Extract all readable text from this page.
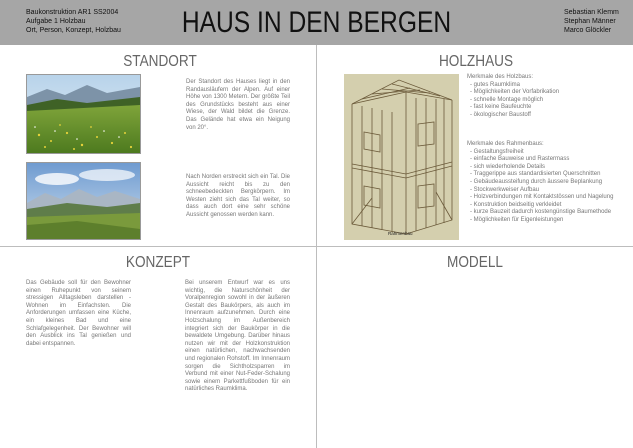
Baukonstruktion AR1 SS2004
Aufgabe 1 Holzbau
Ort, Person, Konzept, Holzbau	HAUS IN DEN BERGEN	Sebastian Klemm
Stephan Männer
Marco Glöckler
STANDORT
Der Standort des Hauses liegt in den Randausläufern der Alpen. Auf einer Höhe von 1300 Metern. Der größte Teil des Grundstücks besteht aus einer Wiese, der Wald bildet die Grenze. Das Gelände hat etwa ein Neigung von 20°.
Nach Norden erstreckt sich ein Tal. Die Aussicht reicht bis zu den schneebedeckten Bergkörpern. Im Westen zieht sich das Tal weiter, so dass auch dort eine sehr schöne Aussicht genossen werden kann.
HOLZHAUS
Rahmenbau
Merkmale des Holzbaus:
- gutes Raumklima
- Möglichkeiten der Vorfabrikation
- schnelle Montage möglich
- fast keine Baufeuchte
- ökologischer Baustoff
Merkmale des Rahmenbaus:
- Gestaltungsfreiheit
- einfache Bauweise und Rastermass
- sich wiederholende Details
- Traggerippe aus standardisierten Querschnitten
- Gebäudeaussteifung durch äussere Beplankung
- Stockwerkweiser Aufbau
- Holzverbindungen mit Kontaktstössen und Nagelung
- Konstruktion beidseitig verkleidet
- kurze Bauzeit dadurch kostengünstige Baumethode
- Möglichkeiten für Eigenleistungen
KONZEPT
Das Gebäude soll für den Bewohner einen Ruhepunkt von seinem stressigen Alltagsleben darstellen - Wohnen im Einfachsten. Die Anforderungen umfassen eine Küche, ein kleines Bad und eine Schlafgelegenheit. Der Bewohner will den Ausblick ins Tal genießen und dabei entspannen.
Bei unserem Entwurf war es uns wichtig, die Naturschönheit der Voralpenregion sowohl in der äußeren Gestalt des Baukörpers, als auch im Innenraum aufzunehmen. Durch eine Holzschalung im Außenbereich integriert sich der Baukörper in die bewaldete Umgebung. Darüber hinaus nutzen wir mit der Holzkonstruktion einen natürlichen, nachwachsenden und regionalen Rohstoff. Im Innenraum sorgen die Sichtholzsparren im Verbund mit einer Nut-Feder-Schalung sowie einem Parkettfußboden für ein natürliches Raumklima.
MODELL
